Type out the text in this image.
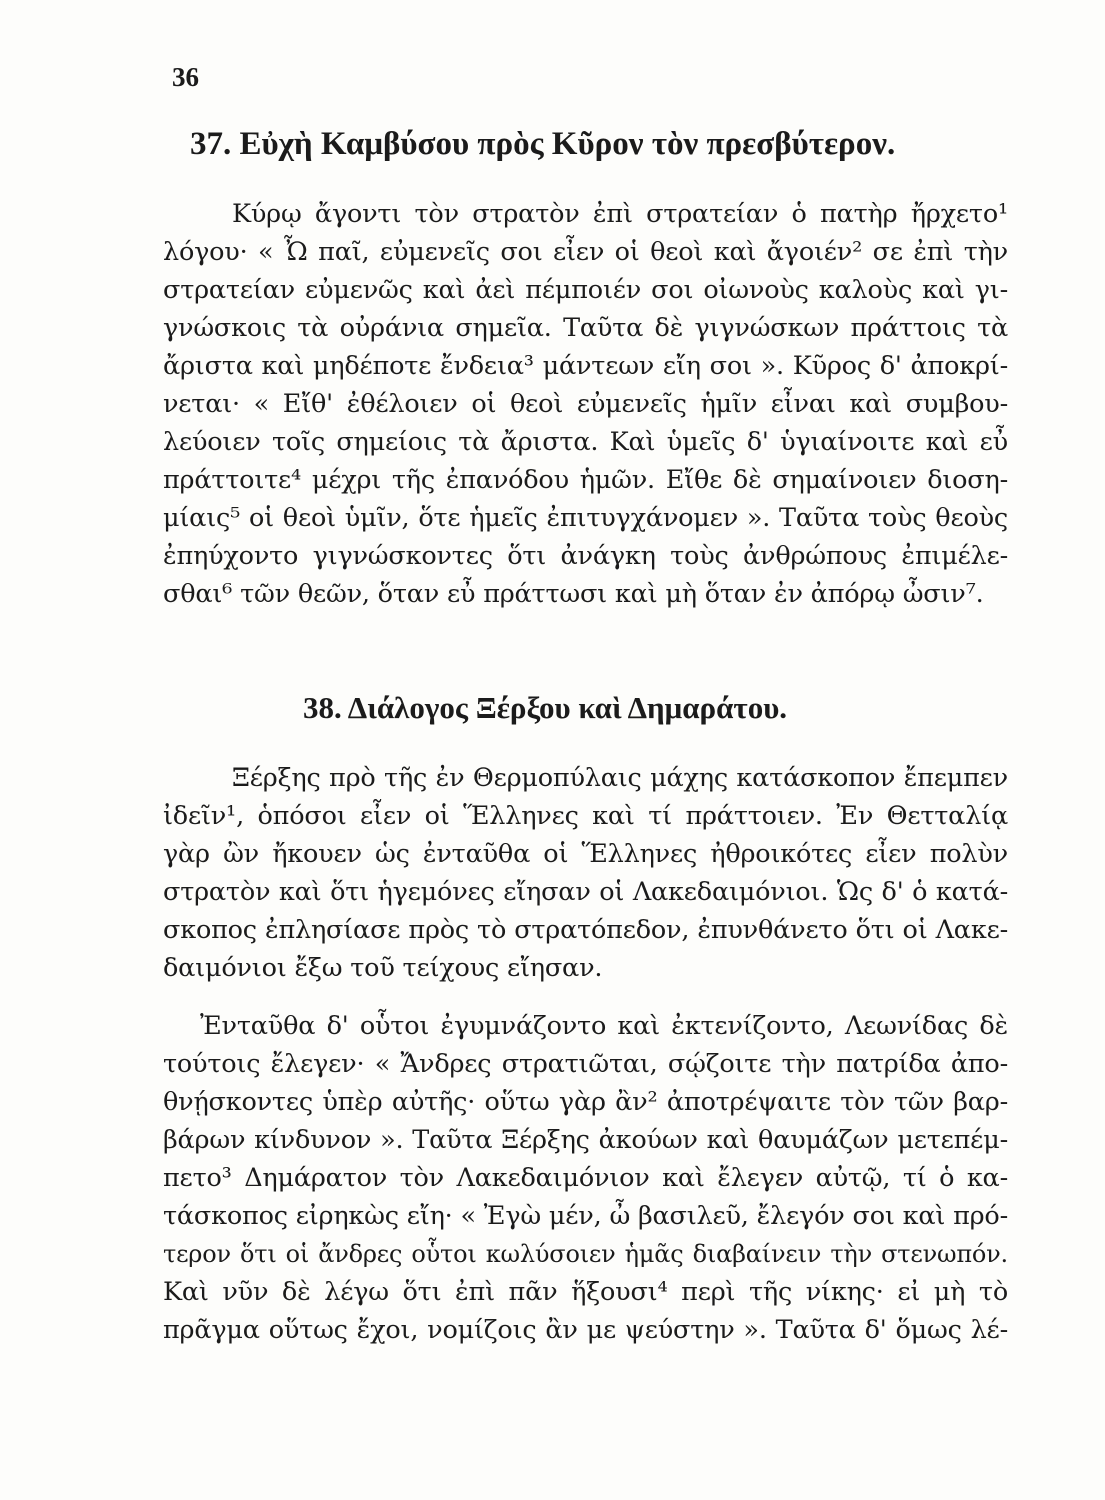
36
37. Εὐχὴ Καμβύσου πρὸς Κῦρον τὸν πρεσβύτερον.
Κύρῳ ἄγοντι τὸν στρατὸν ἐπὶ στρατείαν ὁ πατὴρ ἤρχετο¹
λόγου· « Ὦ παῖ, εὐμενεῖς σοι εἶεν οἱ θεοὶ καὶ ἄγοιέν² σε ἐπὶ τὴν
στρατείαν εὐμενῶς καὶ ἀεὶ πέμποιέν σοι οἰωνοὺς καλοὺς καὶ γι-
γνώσκοις τὰ οὐράνια σημεῖα. Ταῦτα δὲ γιγνώσκων πράττοις τὰ
ἄριστα καὶ μηδέποτε ἔνδεια³ μάντεων εἴη σοι ». Κῦρος δ' ἀποκρί-
νεται· « Εἴθ' ἐθέλοιεν οἱ θεοὶ εὐμενεῖς ἡμῖν εἶναι καὶ συμβου-
λεύοιεν τοῖς σημείοις τὰ ἄριστα. Καὶ ὑμεῖς δ' ὑγιαίνοιτε καὶ εὖ
πράττοιτε⁴ μέχρι τῆς ἐπανόδου ἡμῶν. Εἴθε δὲ σημαίνοιεν διοση-
μίαις⁵ οἱ θεοὶ ὑμῖν, ὅτε ἡμεῖς ἐπιτυγχάνομεν ». Ταῦτα τοὺς θεοὺς
ἐπηύχοντο γιγνώσκοντες ὅτι ἀνάγκη τοὺς ἀνθρώπους ἐπιμέλε-
σθαι⁶ τῶν θεῶν, ὅταν εὖ πράττωσι καὶ μὴ ὅταν ἐν ἀπόρῳ ὦσιν⁷.
38. Διάλογος Ξέρξου καὶ Δημαράτου.
Ξέρξης πρὸ τῆς ἐν Θερμοπύλαις μάχης κατάσκοπον ἔπεμπεν
ἰδεῖν¹, ὁπόσοι εἶεν οἱ Ἕλληνες καὶ τί πράττοιεν. Ἐν Θετταλίᾳ
γὰρ ὢν ἤκουεν ὡς ἐνταῦθα οἱ Ἕλληνες ἠθροικότες εἶεν πολὺν
στρατὸν καὶ ὅτι ἡγεμόνες εἴησαν οἱ Λακεδαιμόνιοι. Ὡς δ' ὁ κατά-
σκοπος ἐπλησίασε πρὸς τὸ στρατόπεδον, ἐπυνθάνετο ὅτι οἱ Λακε-
δαιμόνιοι ἔξω τοῦ τείχους εἴησαν.
Ἐνταῦθα δ' οὗτοι ἐγυμνάζοντο καὶ ἐκτενίζοντο, Λεωνίδας δὲ
τούτοις ἔλεγεν· « Ἄνδρες στρατιῶται, σῴζοιτε τὴν πατρίδα ἀπο-
θνῄσκοντες ὑπὲρ αὐτῆς· οὕτω γὰρ ἂν² ἀποτρέψαιτε τὸν τῶν βαρ-
βάρων κίνδυνον ». Ταῦτα Ξέρξης ἀκούων καὶ θαυμάζων μετεπέμ-
πετο³ Δημάρατον τὸν Λακεδαιμόνιον καὶ ἔλεγεν αὐτῷ, τί ὁ κα-
τάσκοπος εἰρηκὼς εἴη· « Ἐγὼ μέν, ὦ βασιλεῦ, ἔλεγόν σοι καὶ πρό-
τερον ὅτι οἱ ἄνδρες οὗτοι κωλύσοιεν ἡμᾶς διαβαίνειν τὴν στενωπόν.
Καὶ νῦν δὲ λέγω ὅτι ἐπὶ πᾶν ἥξουσι⁴ περὶ τῆς νίκης· εἰ μὴ τὸ
πρᾶγμα οὕτως ἔχοι, νομίζοις ἂν με ψεύστην ». Ταῦτα δ' ὅμως λέ-
